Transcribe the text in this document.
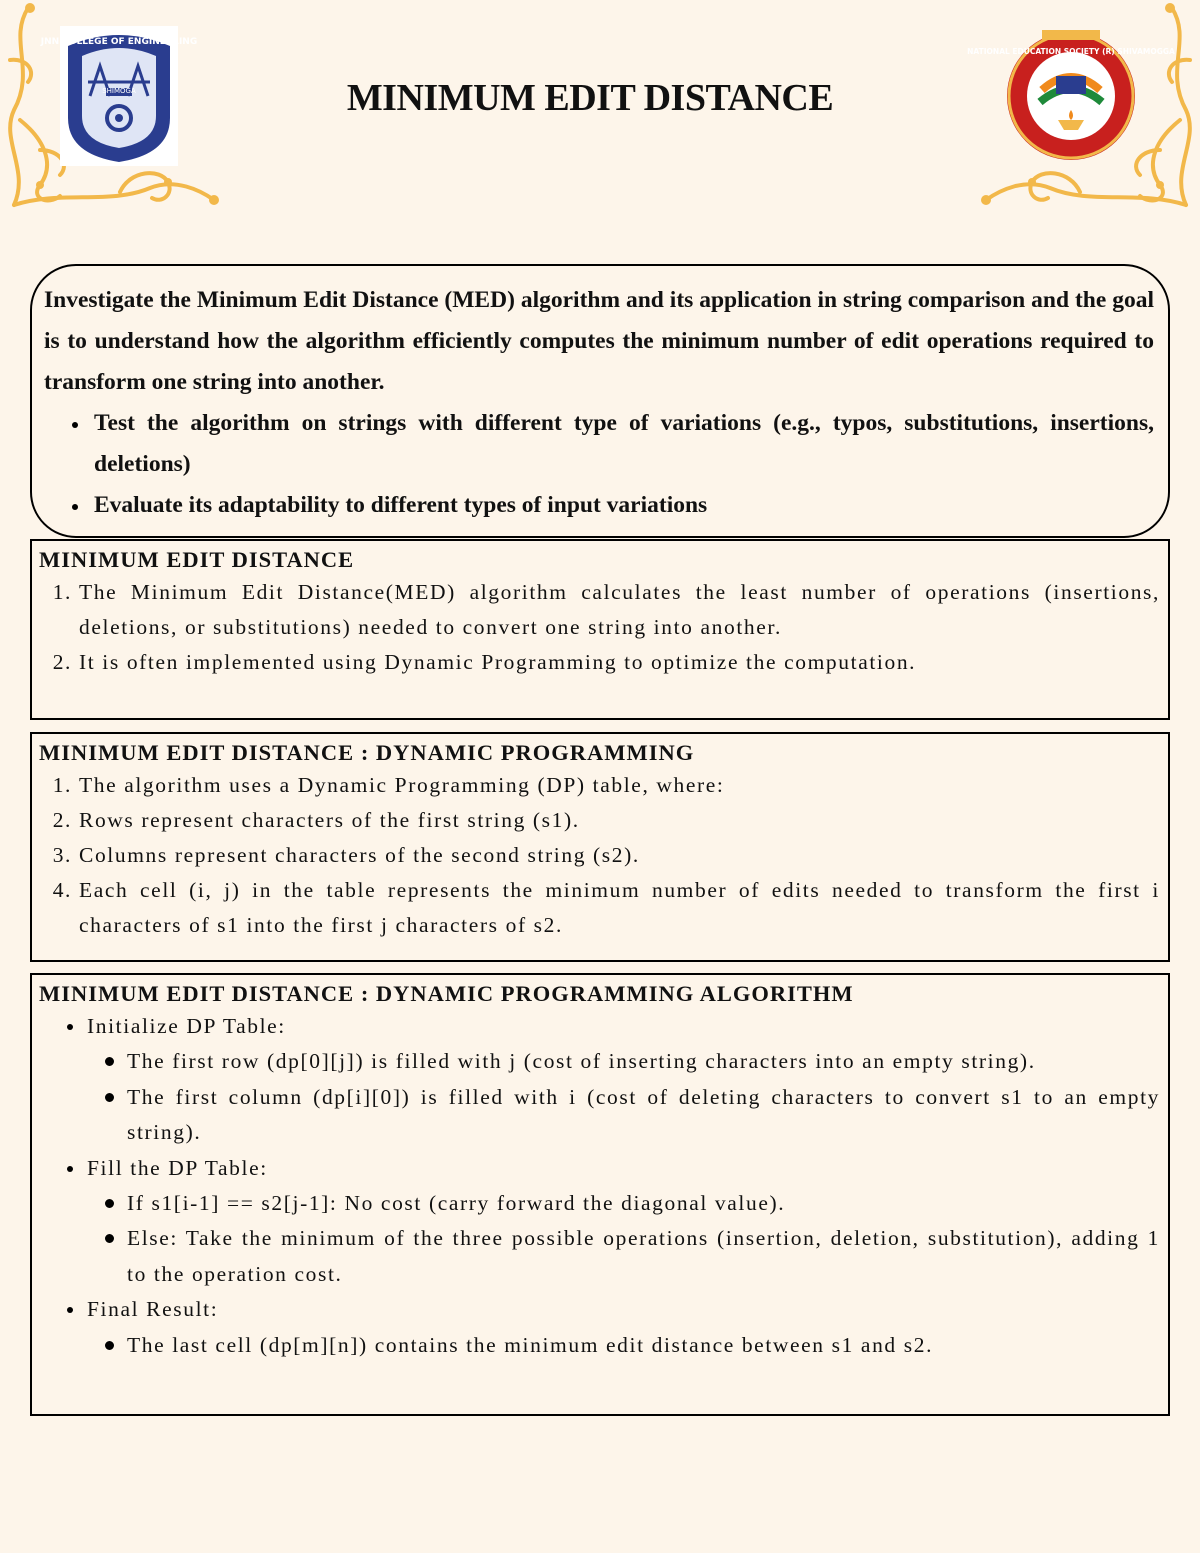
JNN COLLEGE OF ENGINEERING
SHIMOGA
NATIONAL EDUCATION SOCIETY (R) SHIVAMOGGA
MINIMUM EDIT DISTANCE

Investigate the Minimum Edit Distance (MED) algorithm and its application in string comparison and the goal is to understand how the algorithm efficiently computes the minimum number of edit operations required to transform one string into another.

Test the algorithm on strings with different type of variations (e.g., typos, substitutions, insertions, deletions)
Evaluate its adaptability to different types of input variations
MINIMUM EDIT DISTANCE
1. The Minimum Edit Distance(MED) algorithm calculates the least number of operations (insertions, deletions, or substitutions) needed to convert one string into another.
2. It is often implemented using Dynamic Programming to optimize the computation.
MINIMUM EDIT DISTANCE : DYNAMIC PROGRAMMING
1. The algorithm uses a Dynamic Programming (DP) table, where:
2. Rows represent characters of the first string (s1).
3. Columns represent characters of the second string (s2).
4. Each cell (i, j) in the table represents the minimum number of edits needed to transform the first i characters of s1 into the first j characters of s2.
MINIMUM EDIT DISTANCE : DYNAMIC PROGRAMMING ALGORITHM
Initialize DP Table:
The first row (dp[0][j]) is filled with j (cost of inserting characters into an empty string).
The first column (dp[i][0]) is filled with i (cost of deleting characters to convert s1 to an empty string).
Fill the DP Table:
If s1[i-1] == s2[j-1]: No cost (carry forward the diagonal value).
Else: Take the minimum of the three possible operations (insertion, deletion, substitution), adding 1 to the operation cost.
Final Result:
The last cell (dp[m][n]) contains the minimum edit distance between s1 and s2.
